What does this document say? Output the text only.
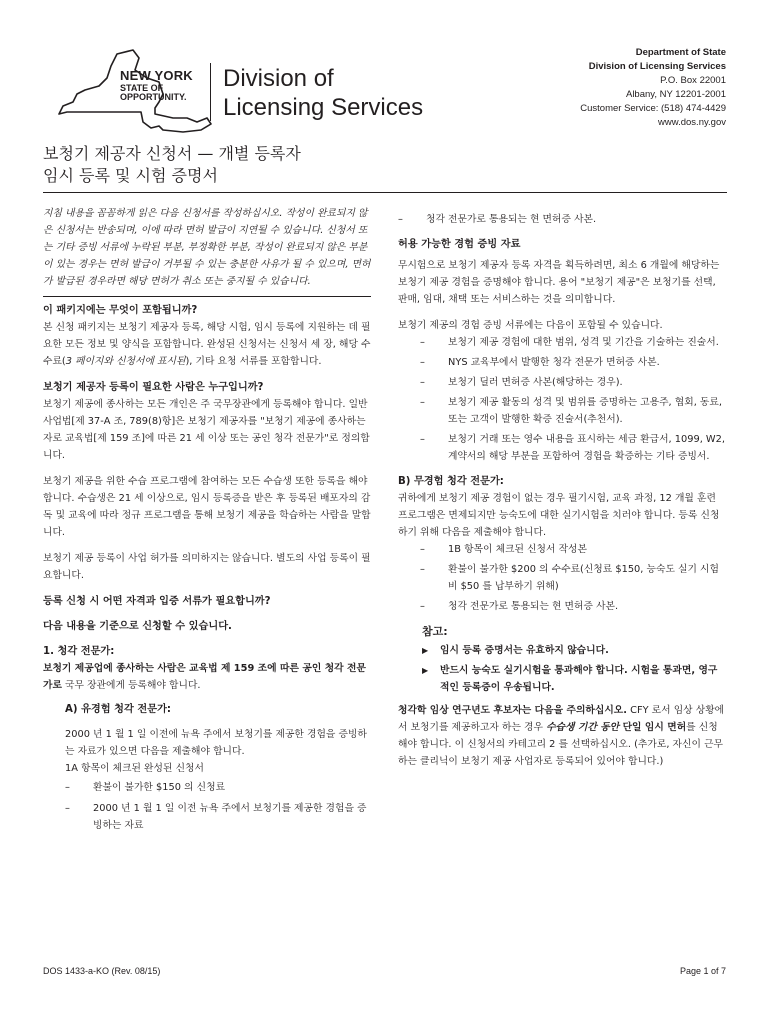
NEW YORK
STATE OF
OPPORTUNITY.
Division of
Licensing Services
Department of State
Division of Licensing Services
P.O. Box 22001
Albany, NY 12201-2001
Customer Service: (518) 474-4429
www.dos.ny.gov
보청기 제공자 신청서 — 개별 등록자
임시 등록 및 시험 증명서

지침 내용을 꼼꼼하게 읽은 다음 신청서를 작성하십시오. 작성이 완료되지 않은 신청서는 반송되며, 이에 따라 면허 발급이 지연될 수 있습니다. 신청서 또는 기타 증빙 서류에 누락된 부분, 부정확한 부분, 작성이 완료되지 않은 부분이 있는 경우는 면허 발급이 거부될 수 있는 충분한 사유가 될 수 있으며, 면허가 발급된 경우라면 해당 면허가 취소 또는 중지될 수 있습니다.

이 패키지에는 무엇이 포함됩니까?

본 신청 패키지는 보청기 제공자 등록, 해당 시험, 임시 등록에 지원하는 데 필요한 모든 정보 및 양식을 포함합니다. 완성된 신청서는 신청서 세 장, 해당 수수료(3 페이지와 신청서에 표시된), 기타 요청 서류를 포함합니다.

보청기 제공자 등록이 필요한 사람은 누구입니까?

보청기 제공에 종사하는 모든 개인은 주 국무장관에게 등록해야 합니다. 일반 사업법[제 37-A 조, 789(8)항]은 보청기 제공자를 "보청기 제공에 종사하는 자로 교육법[제 159 조]에 따른 21 세 이상 또는 공인 청각 전문가"로 정의합니다.

보청기 제공을 위한 수습 프로그램에 참여하는 모든 수습생 또한 등록을 해야 합니다. 수습생은 21 세 이상으로, 임시 등록증을 받은 후 등록된 배포자의 감독 및 교육에 따라 정규 프로그램을 통해 보청기 제공을 학습하는 사람을 말합니다.

보청기 제공 등록이 사업 허가를 의미하지는 않습니다. 별도의 사업 등록이 필요합니다.

등록 신청 시 어떤 자격과 입증 서류가 필요합니까?
다음 내용을 기준으로 신청할 수 있습니다.
1. 청각 전문가:

보청기 제공업에 종사하는 사람은 교육법 제 159 조에 따른 공인 청각 전문가로 국무 장관에게 등록해야 합니다.

A) 유경험 청각 전문가:

2000 년 1 월 1 일 이전에 뉴욕 주에서 보청기를 제공한 경험을 증빙하는 자료가 있으면 다음을 제출해야 합니다.

1A 항목이 체크된 완성된 신청서

– 환불이 불가한 $150 의 신청료
– 2000 년 1 월 1 일 이전 뉴욕 주에서 보청기를 제공한 경험을 증빙하는 자료
– 청각 전문가로 통용되는 현 면허증 사본.
허용 가능한 경험 증빙 자료

무시험으로 보청기 제공자 등록 자격을 획득하려면, 최소 6 개월에 해당하는 보청기 제공 경험을 증명해야 합니다. 용어 "보청기 제공"은 보청기를 선택, 판매, 임대, 채택 또는 서비스하는 것을 의미합니다.

보청기 제공의 경험 증빙 서류에는 다음이 포함될 수 있습니다.

– 보청기 제공 경험에 대한 범위, 성격 및 기간을 기술하는 진술서.
– NYS 교육부에서 발행한 청각 전문가 면허증 사본.
– 보청기 딜러 면허증 사본(해당하는 경우).
– 보청기 제공 활동의 성격 및 범위를 증명하는 고용주, 협회, 동료, 또는 고객이 발행한 확증 진술서(추천서).
– 보청기 거래 또는 영수 내용을 표시하는 세금 환급서, 1099, W2, 계약서의 해당 부분을 포함하여 경험을 확증하는 기타 증빙서.
B) 무경험 청각 전문가:

귀하에게 보청기 제공 경험이 없는 경우 필기시험, 교육 과정, 12 개월 훈련 프로그램은 면제되지만 능숙도에 대한 실기시험을 치러야 합니다. 등록 신청하기 위해 다음을 제출해야 합니다.

– 1B 항목이 체크된 신청서 작성본
– 환불이 불가한 $200 의 수수료(신청료 $150, 능숙도 실기 시험비 $50 를 납부하기 위해)
– 청각 전문가로 통용되는 현 면허증 사본.
참고:
▶ 임시 등록 증명서는 유효하지 않습니다.
▶ 반드시 능숙도 실기시험을 통과해야 합니다. 시험을 통과면, 영구적인 등록증이 우송됩니다.

청각학 임상 연구년도 후보자는 다음을 주의하십시오. CFY 로서 임상 상황에서 보청기를 제공하고자 하는 경우 수습생 기간 동안 단일 임시 면허를 신청해야 합니다. 이 신청서의 카테고리 2 를 선택하십시오. (추가로, 자신이 근무하는 클리닉이 보청기 제공 사업자로 등록되어 있어야 합니다.)

DOS 1433-a-KO (Rev. 08/15)	Page 1 of 7
